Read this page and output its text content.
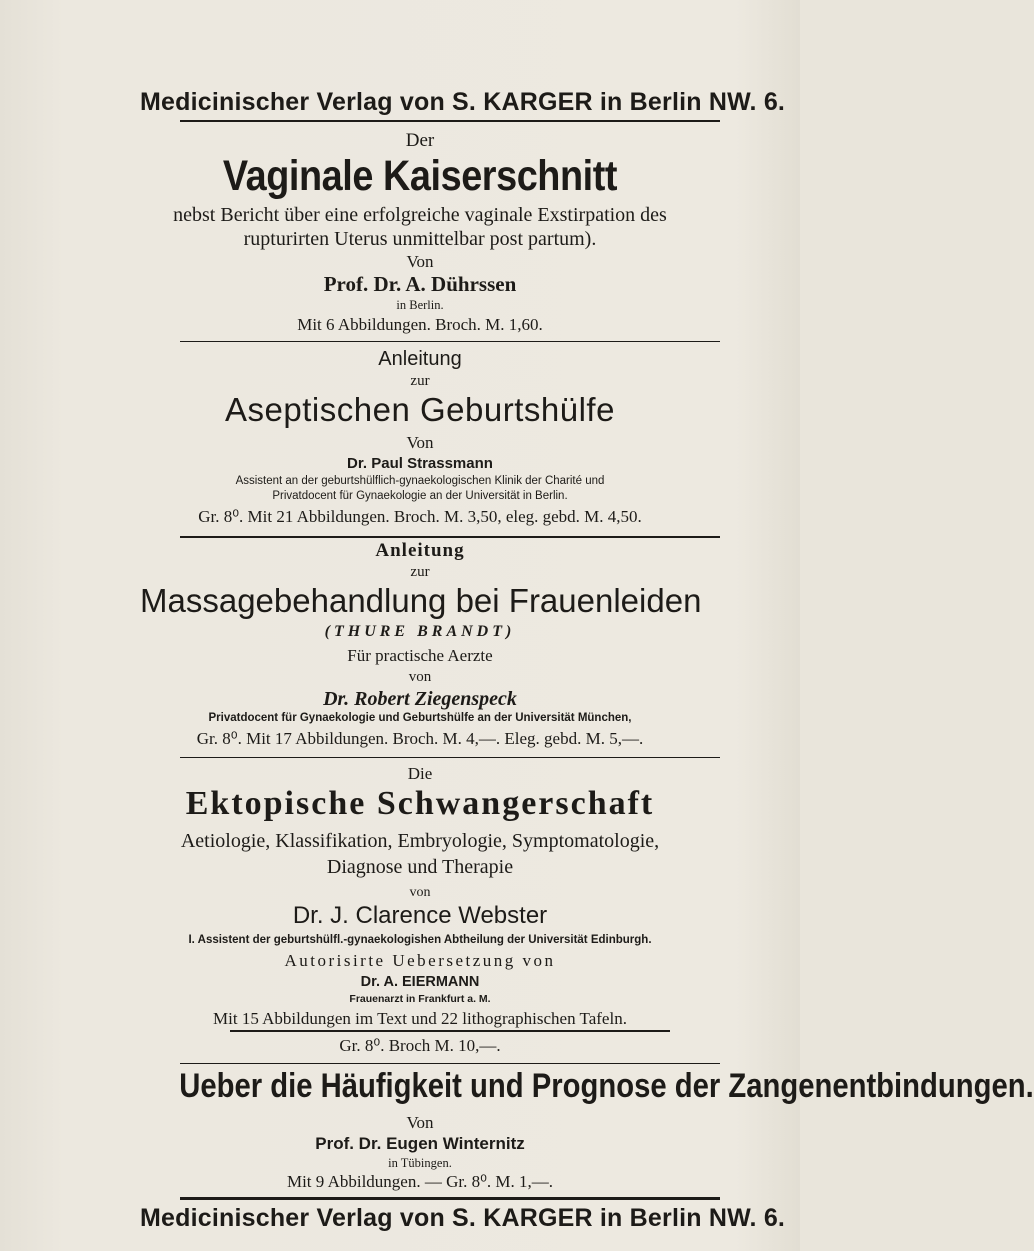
Medicinischer Verlag von S. KARGER in Berlin NW. 6.
Der
Vaginale Kaiserschnitt
nebst Bericht über eine erfolgreiche vaginale Exstirpation des
rupturirten Uterus unmittelbar post partum).
Von
Prof. Dr. A. Dührssen
in Berlin.
Mit 6 Abbildungen. Broch. M. 1,60.
Anleitung
zur
Aseptischen Geburtshülfe
Von
Dr. Paul Strassmann
Assistent an der geburtshülflich-gynaekologischen Klinik der Charité und
Privatdocent für Gynaekologie an der Universität in Berlin.
Gr. 8⁰. Mit 21 Abbildungen. Broch. M. 3,50, eleg. gebd. M. 4,50.
Anleitung
zur
Massagebehandlung bei Frauenleiden
(THURE BRANDT)
Für practische Aerzte
von
Dr. Robert Ziegenspeck
Privatdocent für Gynaekologie und Geburtshülfe an der Universität München,
Gr. 8⁰. Mit 17 Abbildungen. Broch. M. 4,—. Eleg. gebd. M. 5,—.
Die
Ektopische Schwangerschaft
Aetiologie, Klassifikation, Embryologie, Symptomatologie,
Diagnose und Therapie
von
Dr. J. Clarence Webster
I. Assistent der geburtshülfl.-gynaekologishen Abtheilung der Universität Edinburgh.
Autorisirte Uebersetzung von
Dr. A. EIERMANN
Frauenarzt in Frankfurt a. M.
Mit 15 Abbildungen im Text und 22 lithographischen Tafeln.
Gr. 8⁰. Broch M. 10,—.
Ueber die Häufigkeit und Prognose der Zangenentbindungen.
Von
Prof. Dr. Eugen Winternitz
in Tübingen.
Mit 9 Abbildungen. — Gr. 8⁰. M. 1,—.
Medicinischer Verlag von S. KARGER in Berlin NW. 6.
